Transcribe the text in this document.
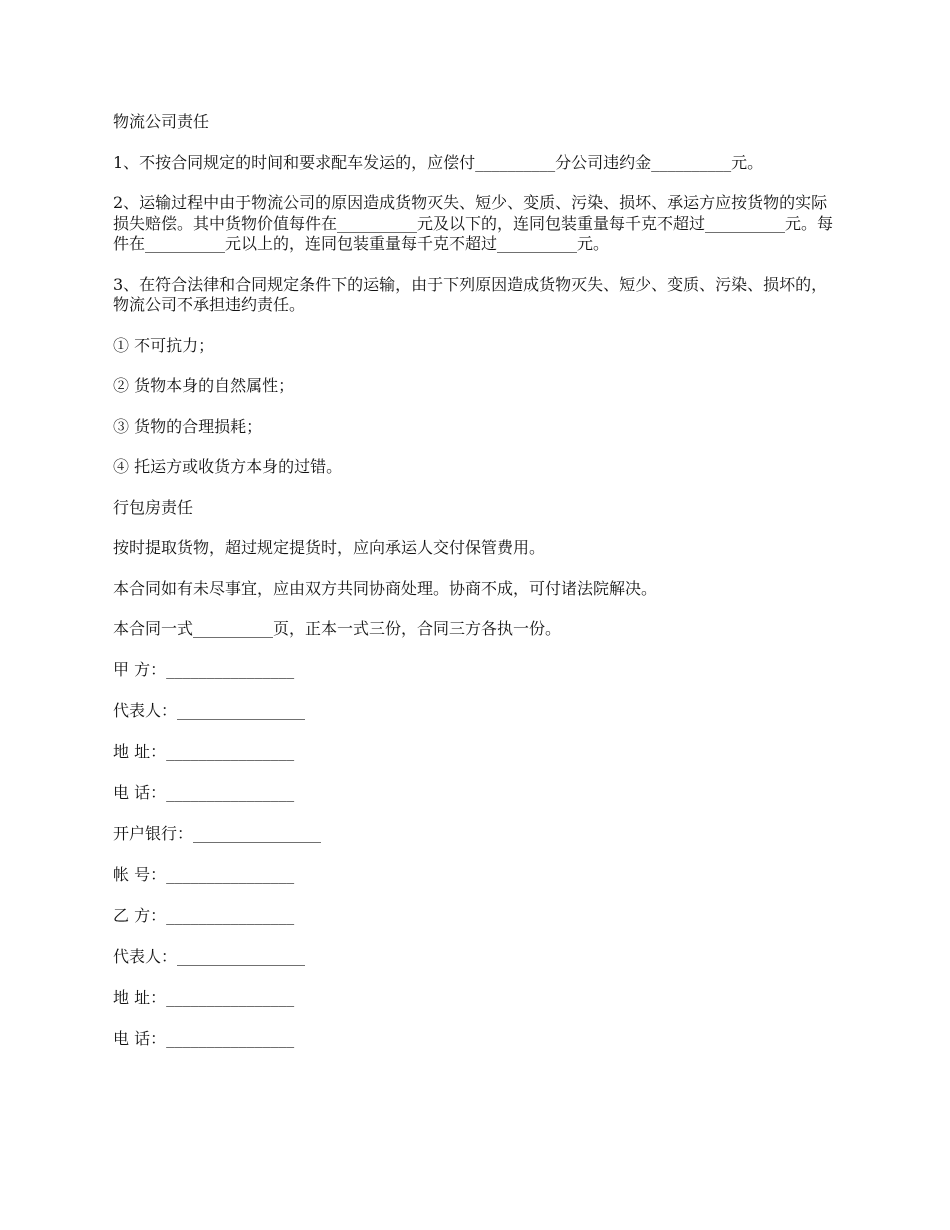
物流公司责任

1、不按合同规定的时间和要求配车发运的，应偿付__________分公司违约金__________元。

2、运输过程中由于物流公司的原因造成货物灭失、短少、变质、污染、损坏、承运方应按货物的实际损失赔偿。其中货物价值每件在__________元及以下的，连同包装重量每千克不超过__________元。每件在__________元以上的，连同包装重量每千克不超过__________元。

3、在符合法律和合同规定条件下的运输，由于下列原因造成货物灭失、短少、变质、污染、损坏的，物流公司不承担违约责任。

① 不可抗力；

② 货物本身的自然属性；

③ 货物的合理损耗；

④ 托运方或收货方本身的过错。

行包房责任

按时提取货物，超过规定提货时，应向承运人交付保管费用。

本合同如有未尽事宜，应由双方共同协商处理。协商不成，可付诸法院解决。

本合同一式__________页，正本一式三份，合同三方各执一份。

甲 方：________________

代表人：________________

地 址：________________

电 话：________________

开户银行：________________

帐 号：________________

乙 方：________________

代表人：________________

地 址：________________

电 话：________________
